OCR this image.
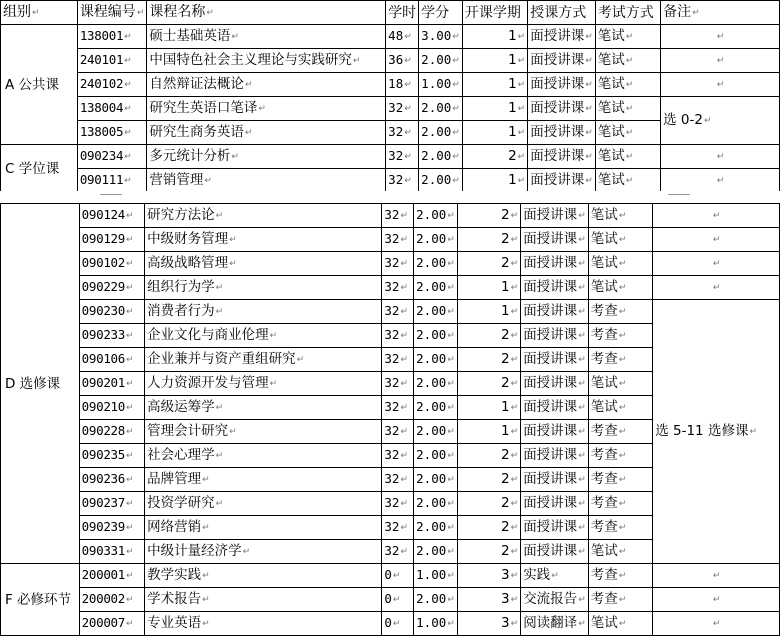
组别↵	课程编号↵	课程名称↵	学时	学分	开课学期	授课方式	考试方式	备注↵
A 公共课	138001↵	硕士基础英语↵	48↵	3.00↵	1↵	面授讲课↵	笔试↵	↵
	240101↵	中国特色社会主义理论与实践研究↵	36↵	2.00↵	1↵	面授讲课↵	笔试↵	↵
	240102↵	自然辩证法概论↵	18↵	1.00↵	1↵	面授讲课↵	笔试↵	↵
	138004↵	研究生英语口笔译↵	32↵	2.00↵	1↵	面授讲课↵	笔试↵	选 0-2↵
	138005↵	研究生商务英语↵	32↵	2.00↵	1↵	面授讲课↵	笔试↵	
C 学位课	090234↵	多元统计分析↵	32↵	2.00↵	2↵	面授讲课↵	笔试↵	↵
	090111↵	营销管理↵	32↵	2.00↵	1↵	面授讲课↵	笔试↵	↵
D 选修课	090124↵	研究方法论↵	32↵	2.00↵	2↵	面授讲课↵	笔试↵	↵
	090129↵	中级财务管理↵	32↵	2.00↵	2↵	面授讲课↵	笔试↵	↵
	090102↵	高级战略管理↵	32↵	2.00↵	2↵	面授讲课↵	笔试↵	↵
	090229↵	组织行为学↵	32↵	2.00↵	1↵	面授讲课↵	笔试↵	↵
	090230↵	消费者行为↵	32↵	2.00↵	1↵	面授讲课↵	考查↵	选 5-11 选修课↵
	090233↵	企业文化与商业伦理↵	32↵	2.00↵	2↵	面授讲课↵	考查↵	
	090106↵	企业兼并与资产重组研究↵	32↵	2.00↵	2↵	面授讲课↵	考查↵	
	090201↵	人力资源开发与管理↵	32↵	2.00↵	2↵	面授讲课↵	笔试↵	
	090210↵	高级运筹学↵	32↵	2.00↵	1↵	面授讲课↵	笔试↵	
	090228↵	管理会计研究↵	32↵	2.00↵	1↵	面授讲课↵	考查↵	
	090235↵	社会心理学↵	32↵	2.00↵	2↵	面授讲课↵	考查↵	
	090236↵	品牌管理↵	32↵	2.00↵	2↵	面授讲课↵	考查↵	
	090237↵	投资学研究↵	32↵	2.00↵	2↵	面授讲课↵	考查↵	
	090239↵	网络营销↵	32↵	2.00↵	2↵	面授讲课↵	考查↵	
	090331↵	中级计量经济学↵	32↵	2.00↵	2↵	面授讲课↵	笔试↵	
F 必修环节	200001↵	教学实践↵	0↵	1.00↵	3↵	实践↵	考查↵	↵
	200002↵	学术报告↵	0↵	2.00↵	3↵	交流报告↵	考查↵	↵
	200007↵	专业英语↵	0↵	1.00↵	3↵	阅读翻译↵	笔试↵	↵
